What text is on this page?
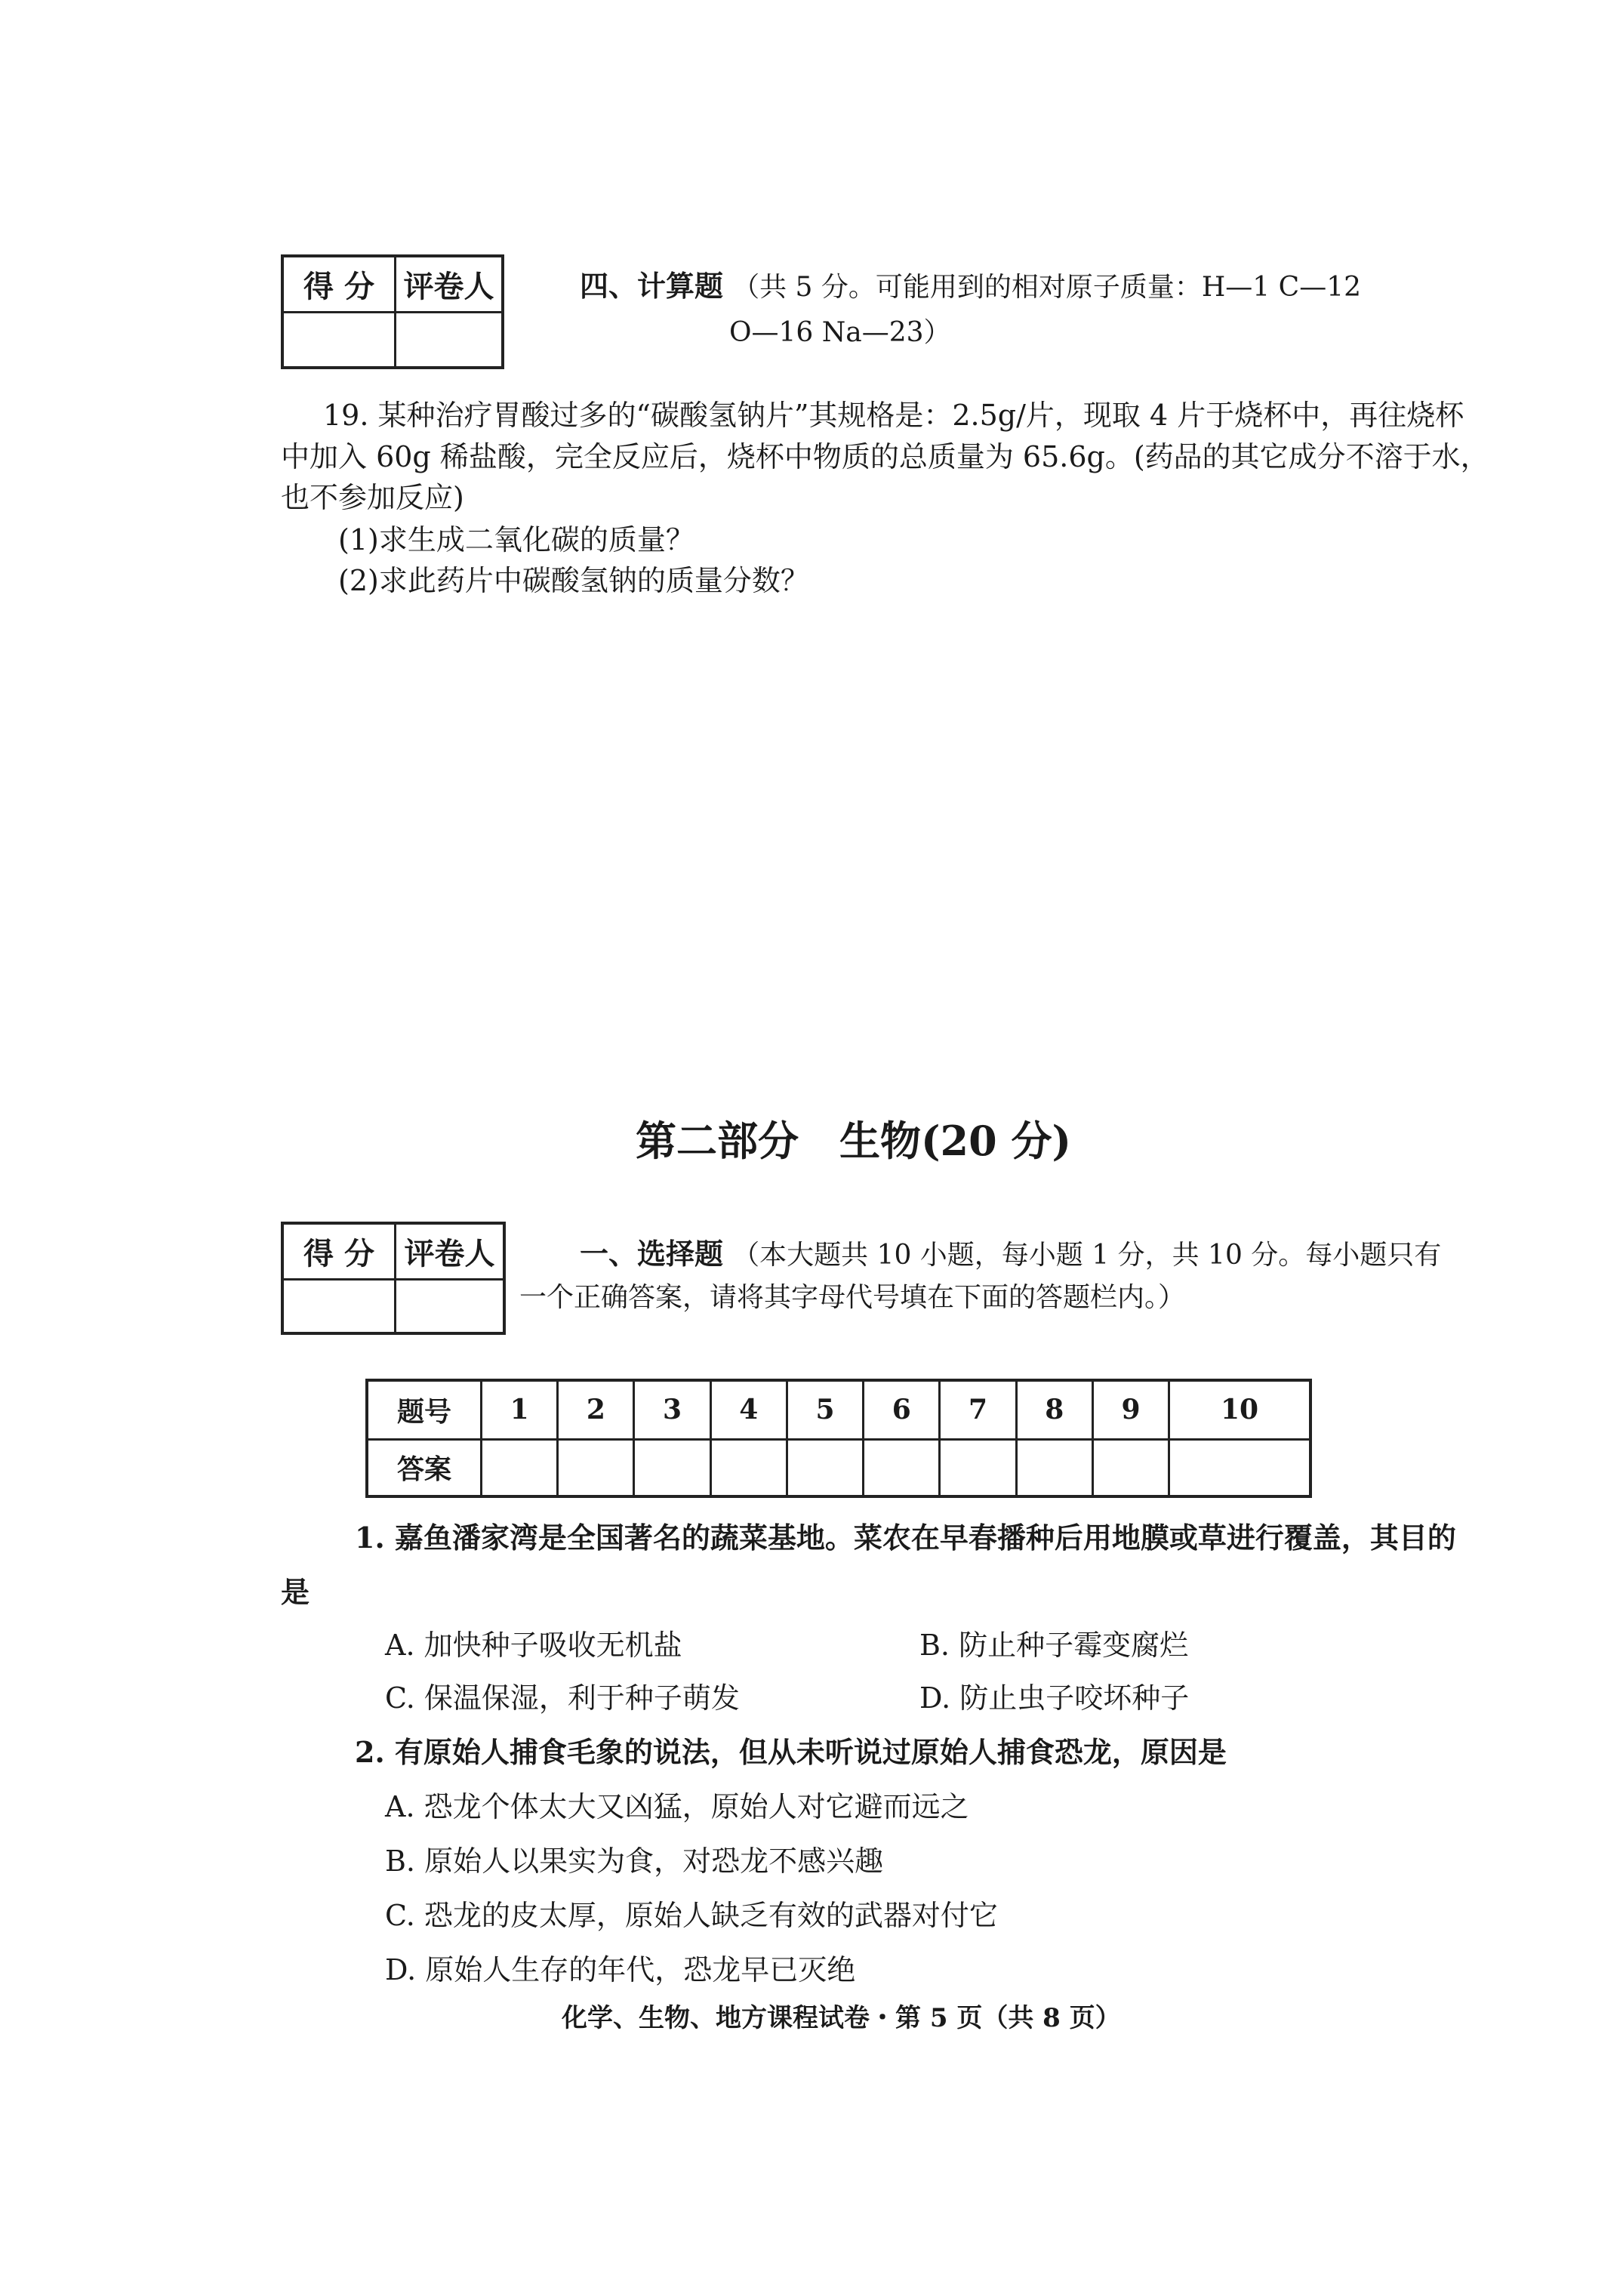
得 分	评卷人
		四、计算题 （共 5 分。可能用到的相对原子质量：H—1 C—12
O—16 Na—23）
19. 某种治疗胃酸过多的“碳酸氢钠片”其规格是：2.5g/片，现取 4 片于烧杯中，再往烧杯
中加入 60g 稀盐酸，完全反应后，烧杯中物质的总质量为 65.6g。(药品的其它成分不溶于水，
也不参加反应)
(1)求生成二氧化碳的质量？
(2)求此药片中碳酸氢钠的质量分数？
第二部分　生物(20 分)
得 分	评卷人
		一、选择题 （本大题共 10 小题，每小题 1 分，共 10 分。每小题只有
一个正确答案，请将其字母代号填在下面的答题栏内。）
题号	1	2	3	4	5	6	7	8	9	10
答案										
1. 嘉鱼潘家湾是全国著名的蔬菜基地。菜农在早春播种后用地膜或草进行覆盖，其目的
是
A. 加快种子吸收无机盐	B. 防止种子霉变腐烂
C. 保温保湿，利于种子萌发	D. 防止虫子咬坏种子
2. 有原始人捕食毛象的说法，但从未听说过原始人捕食恐龙，原因是
A. 恐龙个体太大又凶猛，原始人对它避而远之
B. 原始人以果实为食，对恐龙不感兴趣
C. 恐龙的皮太厚，原始人缺乏有效的武器对付它
D. 原始人生存的年代，恐龙早已灭绝
化学、生物、地方课程试卷・第 5 页（共 8 页）
